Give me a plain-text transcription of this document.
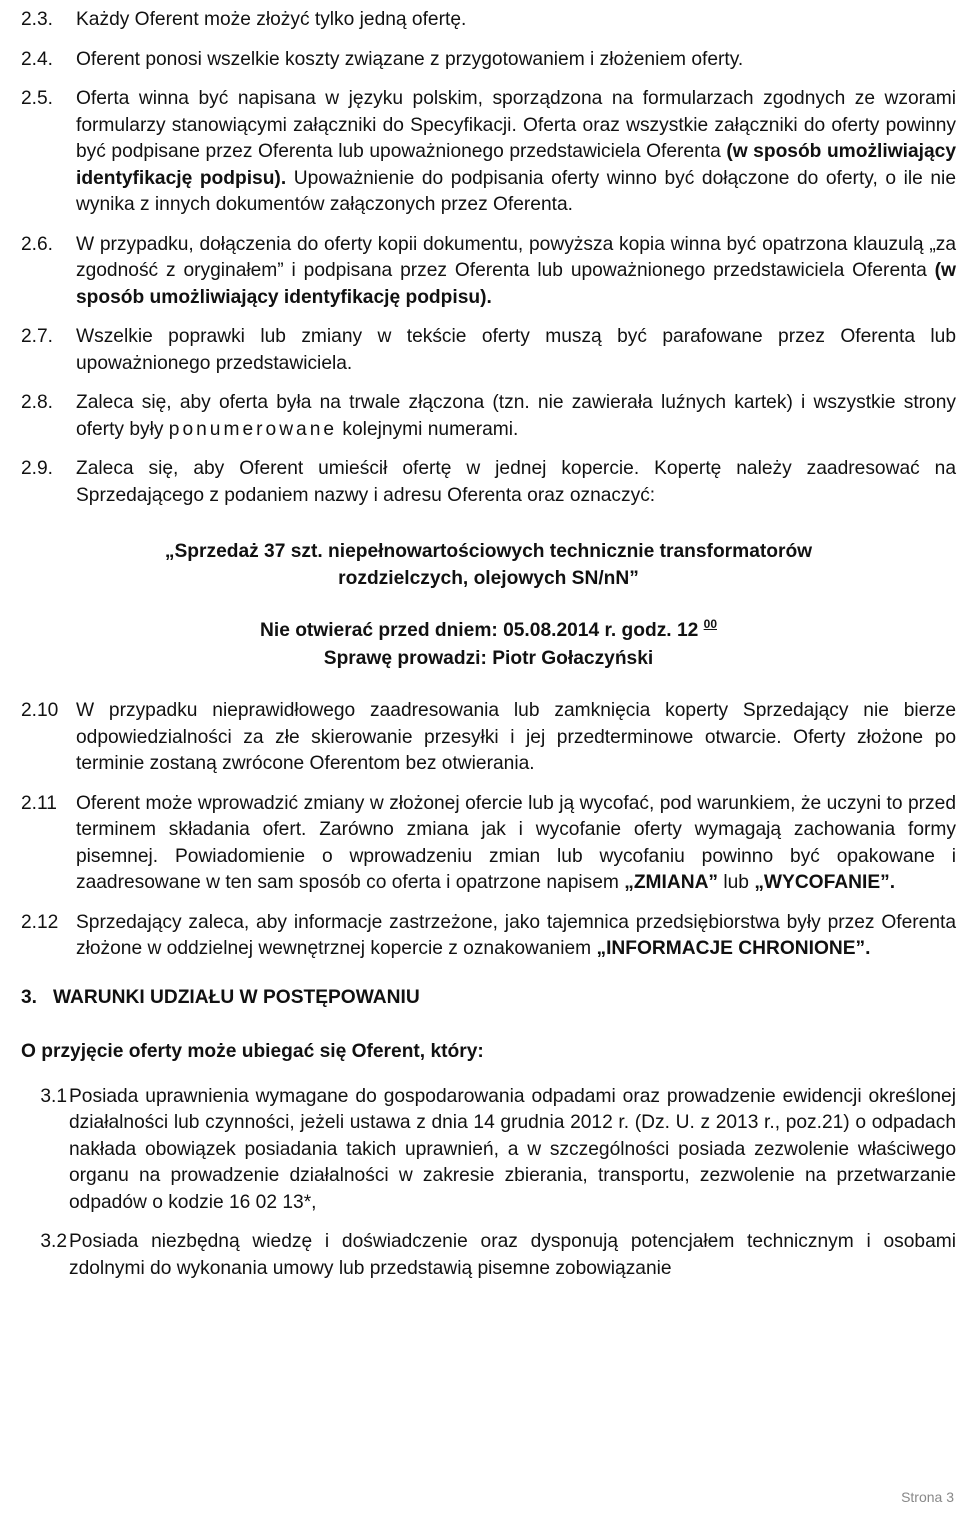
2.3.	Każdy Oferent może złożyć tylko jedną ofertę.
2.4.	Oferent ponosi wszelkie koszty związane z przygotowaniem i złożeniem oferty.
2.5.	Oferta winna być napisana w języku polskim, sporządzona na formularzach zgodnych ze wzorami formularzy stanowiącymi załączniki do Specyfikacji. Oferta oraz wszystkie załączniki do oferty powinny być podpisane przez Oferenta lub upoważnionego przedstawiciela Oferenta (w sposób umożliwiający identyfikację podpisu). Upoważnienie do podpisania oferty winno być dołączone do oferty, o ile nie wynika z innych dokumentów załączonych przez Oferenta.
2.6.	W przypadku, dołączenia do oferty kopii dokumentu, powyższa kopia winna być opatrzona klauzulą „za zgodność z oryginałem” i podpisana przez Oferenta lub upoważnionego przedstawiciela Oferenta (w sposób umożliwiający identyfikację podpisu).
2.7.	Wszelkie poprawki lub zmiany w tekście oferty muszą być parafowane przez Oferenta lub upoważnionego przedstawiciela.
2.8.	Zaleca się, aby oferta była na trwale złączona (tzn. nie zawierała luźnych kartek) i wszystkie strony oferty były ponumerowane kolejnymi numerami.
2.9.	Zaleca się, aby Oferent umieścił ofertę w jednej kopercie. Kopertę należy zaadresować na Sprzedającego z podaniem nazwy i adresu Oferenta oraz oznaczyć:
„Sprzedaż 37 szt. niepełnowartościowych technicznie transformatorów
rozdzielczych, olejowych SN/nN”
Nie otwierać przed dniem: 05.08.2014 r. godz. 12 $^{00}$
Sprawę prowadzi: Piotr Gołaczyński
2.10 W przypadku nieprawidłowego zaadresowania lub zamknięcia koperty Sprzedający nie bierze odpowiedzialności za złe skierowanie przesyłki i jej przedterminowe otwarcie. Oferty złożone po terminie zostaną zwrócone Oferentom bez otwierania.
2.11 Oferent może wprowadzić zmiany w złożonej ofercie lub ją wycofać, pod warunkiem, że uczyni to przed terminem składania ofert. Zarówno zmiana jak i wycofanie oferty wymagają zachowania formy pisemnej. Powiadomienie o wprowadzeniu zmian lub wycofaniu powinno być opakowane i zaadresowane w ten sam sposób co oferta i opatrzone napisem „ZMIANA” lub „WYCOFANIE”.
2.12 Sprzedający zaleca, aby informacje zastrzeżone, jako tajemnica przedsiębiorstwa były przez Oferenta złożone w oddzielnej wewnętrznej kopercie z oznakowaniem „INFORMACJE CHRONIONE”.
3. WARUNKI UDZIAŁU W POSTĘPOWANIU
O przyjęcie oferty może ubiegać się Oferent, który:
3.1 Posiada uprawnienia wymagane do gospodarowania odpadami oraz prowadzenie ewidencji określonej działalności lub czynności, jeżeli ustawa z dnia 14 grudnia 2012 r. (Dz. U. z 2013 r., poz.21) o odpadach nakłada obowiązek posiadania takich uprawnień, a w szczególności posiada zezwolenie właściwego organu na prowadzenie działalności w zakresie zbierania, transportu, zezwolenie na przetwarzanie odpadów o kodzie 16 02 13*,
3.2 Posiada niezbędną wiedzę i doświadczenie oraz dysponują potencjałem technicznym i osobami zdolnymi do wykonania umowy lub przedstawią pisemne zobowiązanie
Strona 3
